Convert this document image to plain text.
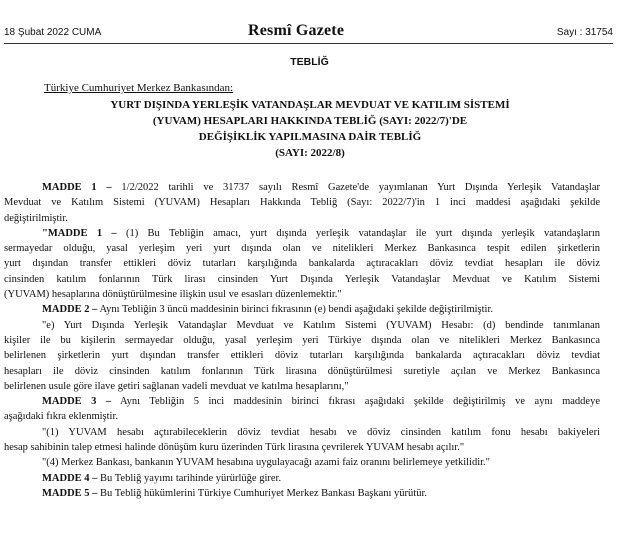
18 Şubat 2022 CUMA	Resmî Gazete	Sayı : 31754
TEBLİĞ
Türkiye Cumhuriyet Merkez Bankasından:
YURT DIŞINDA YERLEŞİK VATANDAŞLAR MEVDUAT VE KATILIM SİSTEMİ
(YUVAM) HESAPLARI HAKKINDA TEBLİĞ (SAYI: 2022/7)'DE
DEĞİŞİKLİK YAPILMASINA DAİR TEBLİĞ
(SAYI: 2022/8)
MADDE 1 – 1/2/2022 tarihli ve 31737 sayılı Resmî Gazete'de yayımlanan Yurt Dışında Yerleşik Vatandaşlar
Mevduat ve Katılım Sistemi (YUVAM) Hesapları Hakkında Tebliğ (Sayı: 2022/7)'in 1 inci maddesi aşağıdaki şekilde
değiştirilmiştir.
"MADDE 1 – (1) Bu Tebliğin amacı, yurt dışında yerleşik vatandaşlar ile yurt dışında yerleşik vatandaşların
sermayedar olduğu, yasal yerleşim yeri yurt dışında olan ve nitelikleri Merkez Bankasınca tespit edilen şirketlerin
yurt dışından transfer ettikleri döviz tutarları karşılığında bankalarda açtıracakları döviz tevdiat hesapları ile döviz
cinsinden katılım fonlarının Türk lirası cinsinden Yurt Dışında Yerleşik Vatandaşlar Mevduat ve Katılım Sistemi
(YUVAM) hesaplarına dönüştürülmesine ilişkin usul ve esasları düzenlemektir."
MADDE 2 – Aynı Tebliğin 3 üncü maddesinin birinci fıkrasının (e) bendi aşağıdaki şekilde değiştirilmiştir.
"e) Yurt Dışında Yerleşik Vatandaşlar Mevduat ve Katılım Sistemi (YUVAM) Hesabı: (d) bendinde tanımlanan
kişiler ile bu kişilerin sermayedar olduğu, yasal yerleşim yeri Türkiye dışında olan ve nitelikleri Merkez Bankasınca
belirlenen şirketlerin yurt dışından transfer ettikleri döviz tutarları karşılığında bankalarda açtıracakları döviz tevdiat
hesapları ile döviz cinsinden katılım fonlarının Türk lirasına dönüştürülmesi suretiyle açılan ve Merkez Bankasınca
belirlenen usule göre ilave getiri sağlanan vadeli mevduat ve katılma hesaplarını,"
MADDE 3 – Aynı Tebliğin 5 inci maddesinin birinci fıkrası aşağıdaki şekilde değiştirilmiş ve aynı maddeye
aşağıdaki fıkra eklenmiştir.
"(1) YUVAM hesabı açtırabileceklerin döviz tevdiat hesabı ve döviz cinsinden katılım fonu hesabı bakiyeleri
hesap sahibinin talep etmesi halinde dönüşüm kuru üzerinden Türk lirasına çevrilerek YUVAM hesabı açılır."
"(4) Merkez Bankası, bankanın YUVAM hesabına uygulayacağı azami faiz oranını belirlemeye yetkilidir."
MADDE 4 – Bu Tebliğ yayımı tarihinde yürürlüğe girer.
MADDE 5 – Bu Tebliğ hükümlerini Türkiye Cumhuriyet Merkez Bankası Başkanı yürütür.
